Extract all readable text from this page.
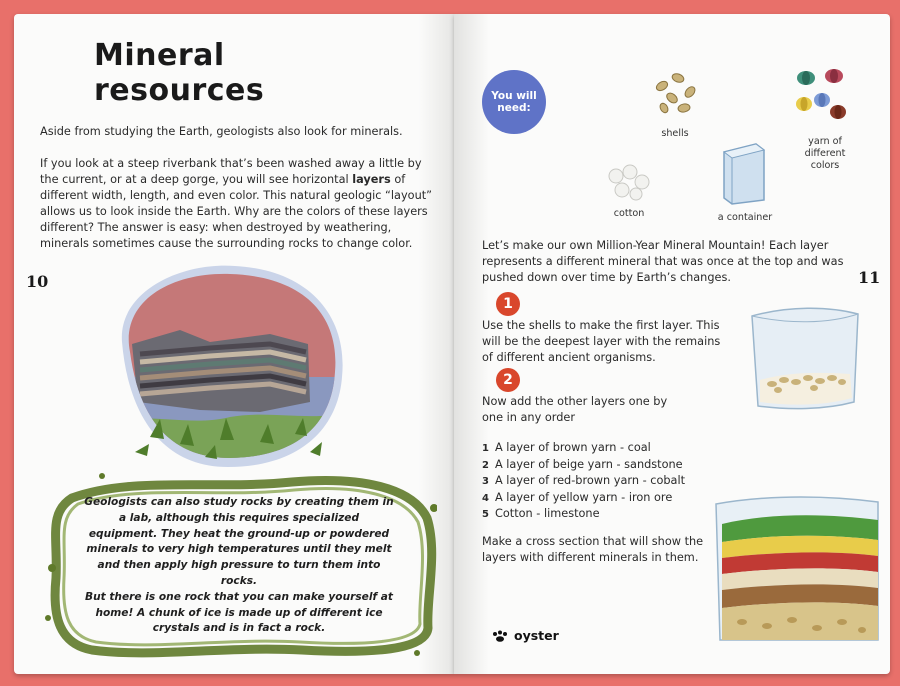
Mineral resources
Aside from studying the Earth, geologists also look for minerals.
If you look at a steep riverbank that’s been washed away a little by the current, or at a deep gorge, you will see horizontal layers of different width, length, and even color. This natural geologic “layout” allows us to look inside the Earth. Why are the colors of these layers different? The answer is easy: when destroyed by weathering, minerals sometimes cause the surrounding rocks to change color.
10
Geologists can also study rocks by creating them in a lab, although this requires specialized equipment. They heat the ground-up or powdered minerals to very high temperatures until they melt and then apply high pressure to turn them into rocks.
But there is one rock that you can make yourself at home! A chunk of ice is made up of different ice crystals and is in fact a rock.
You will need:
shells
yarn of different colors
cotton	a container
Let’s make our own Million-Year Mineral Mountain! Each layer represents a different mineral that was once at the top and was pushed down over time by Earth’s changes.	11
1
Use the shells to make the first layer. This will be the deepest layer with the remains of different ancient organisms.
2
Now add the other layers one by one in any order
1 A layer of brown yarn - coal
2 A layer of beige yarn - sandstone
3 A layer of red-brown yarn - cobalt
4 A layer of yellow yarn - iron ore
5 Cotton - limestone
Make a cross section that will show the layers with different minerals in them.
oyster
